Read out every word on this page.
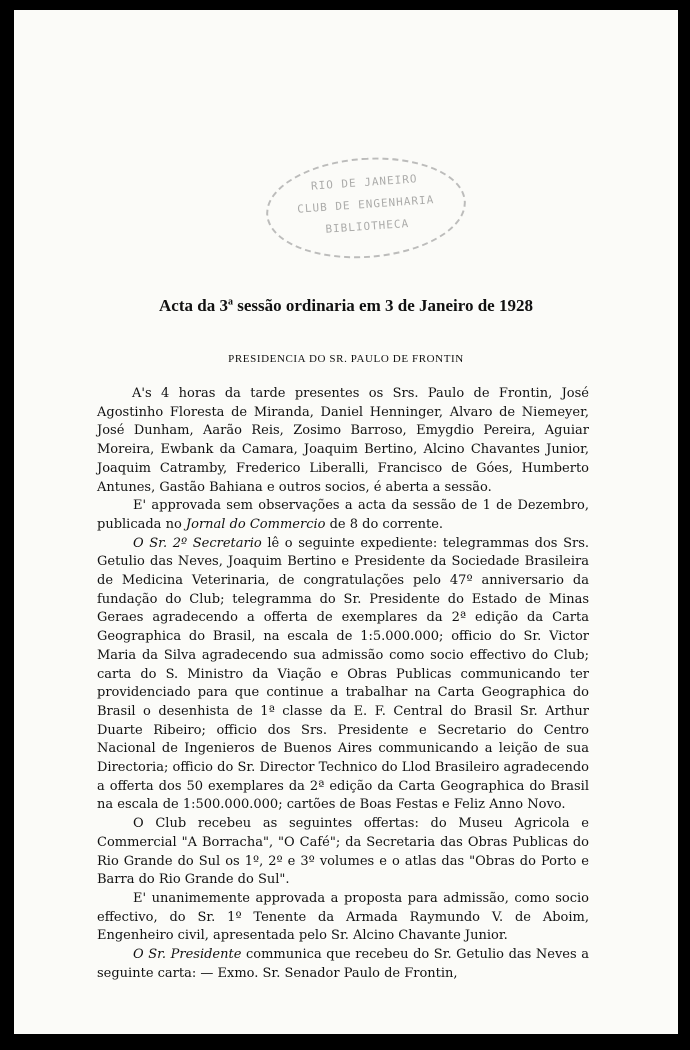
RIO DE JANEIRO
CLUB DE ENGENHARIA
BIBLIOTHECA
Acta da 3$^a$ sessão ordinaria em 3 de Janeiro de 1928
PRESIDENCIA DO SR. PAULO DE FRONTIN

A's 4 horas da tarde presentes os Srs. Paulo de Frontin, José Agostinho Floresta de Miranda, Daniel Henninger, Alvaro de Niemeyer, José Dunham, Aarão Reis, Zosimo Barroso, Emygdio Pereira, Aguiar Moreira, Ewbank da Camara, Joaquim Bertino, Alcino Chavantes Junior, Joaquim Catramby, Frederico Liberalli, Francisco de Góes, Humberto Antunes, Gastão Bahiana e outros socios, é aberta a sessão.

E' approvada sem observações a acta da sessão de 1 de Dezembro, publicada no Jornal do Commercio de 8 do corrente.

O Sr. 2º Secretario lê o seguinte expediente: telegrammas dos Srs. Getulio das Neves, Joaquim Bertino e Presidente da Sociedade Brasileira de Medicina Veterinaria, de congratulações pelo 47º anniversario da fundação do Club; telegramma do Sr. Presidente do Estado de Minas Geraes agradecendo a offerta de exemplares da 2ª edição da Carta Geographica do Brasil, na escala de 1:5.000.000; officio do Sr. Victor Maria da Silva agradecendo sua admissão como socio effectivo do Club; carta do S. Ministro da Viação e Obras Publicas communicando ter providenciado para que continue a trabalhar na Carta Geographica do Brasil o desenhista de 1ª classe da E. F. Central do Brasil Sr. Arthur Duarte Ribeiro; officio dos Srs. Presidente e Secretario do Centro Nacional de Ingenieros de Buenos Aires communicando a leição de sua Directoria; officio do Sr. Director Technico do Llod Brasileiro agradecendo a offerta dos 50 exemplares da 2ª edição da Carta Geographica do Brasil na escala de 1:500.000.000; cartões de Boas Festas e Feliz Anno Novo.

O Club recebeu as seguintes offertas: do Museu Agricola e Commercial "A Borracha", "O Café"; da Secretaria das Obras Publicas do Rio Grande do Sul os 1º, 2º e 3º volumes e o atlas das "Obras do Porto e Barra do Rio Grande do Sul".

E' unanimemente approvada a proposta para admissão, como socio effectivo, do Sr. 1º Tenente da Armada Raymundo V. de Aboim, Engenheiro civil, apresentada pelo Sr. Alcino Chavante Junior.

O Sr. Presidente communica que recebeu do Sr. Getulio das Neves a seguinte carta: — Exmo. Sr. Senador Paulo de Frontin,
